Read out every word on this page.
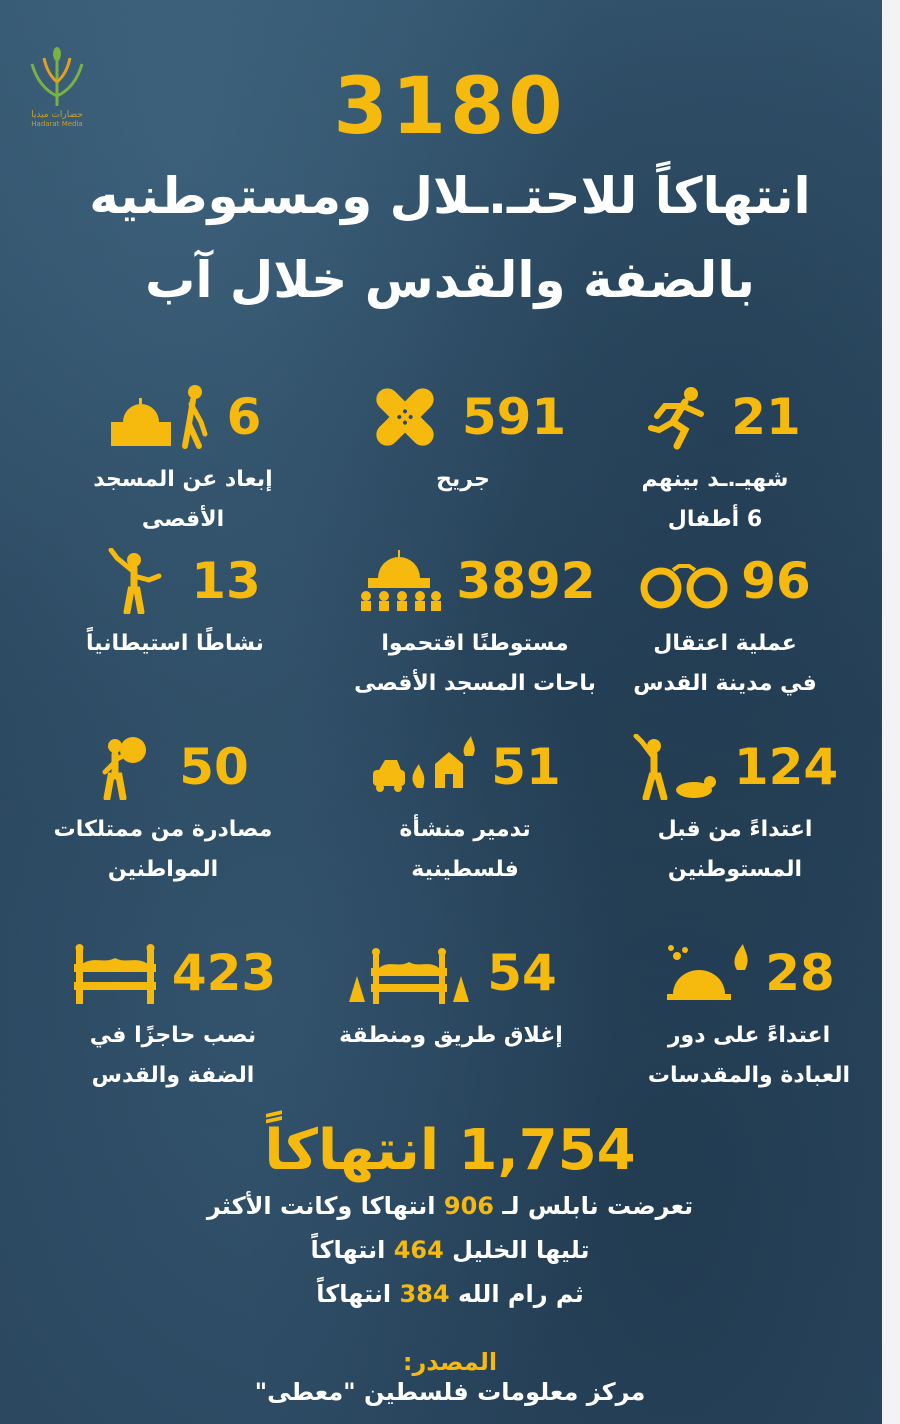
حضارات ميديا
Hadarat Media	3180
انتهاكاً للاحتـ.ـلال ومستوطنيه
بالضفة والقدس خلال آب
21
شهيـ.ـد بينهم
6 أطفال
591
جريح
6
إبعاد عن المسجد
الأقصى
96
عملية اعتقال
في مدينة القدس
3892
مستوطنًا اقتحموا
باحات المسجد الأقصى
13
نشاطًا استيطانياً
124
اعتداءً من قبل
المستوطنين
51
تدمير منشأة
فلسطينية
50
مصادرة من ممتلكات
المواطنين
28
اعتداءً على دور
العبادة والمقدسات
54
إغلاق طريق ومنطقة
423
نصب حاجزًا في
الضفة والقدس
1,754 انتهاكاً
تعرضت نابلس لـ 906 انتهاكا وكانت الأكثر
تليها الخليل 464 انتهاكاً
ثم رام الله 384 انتهاكاً
المصدر:
مركز معلومات فلسطين "معطى"
